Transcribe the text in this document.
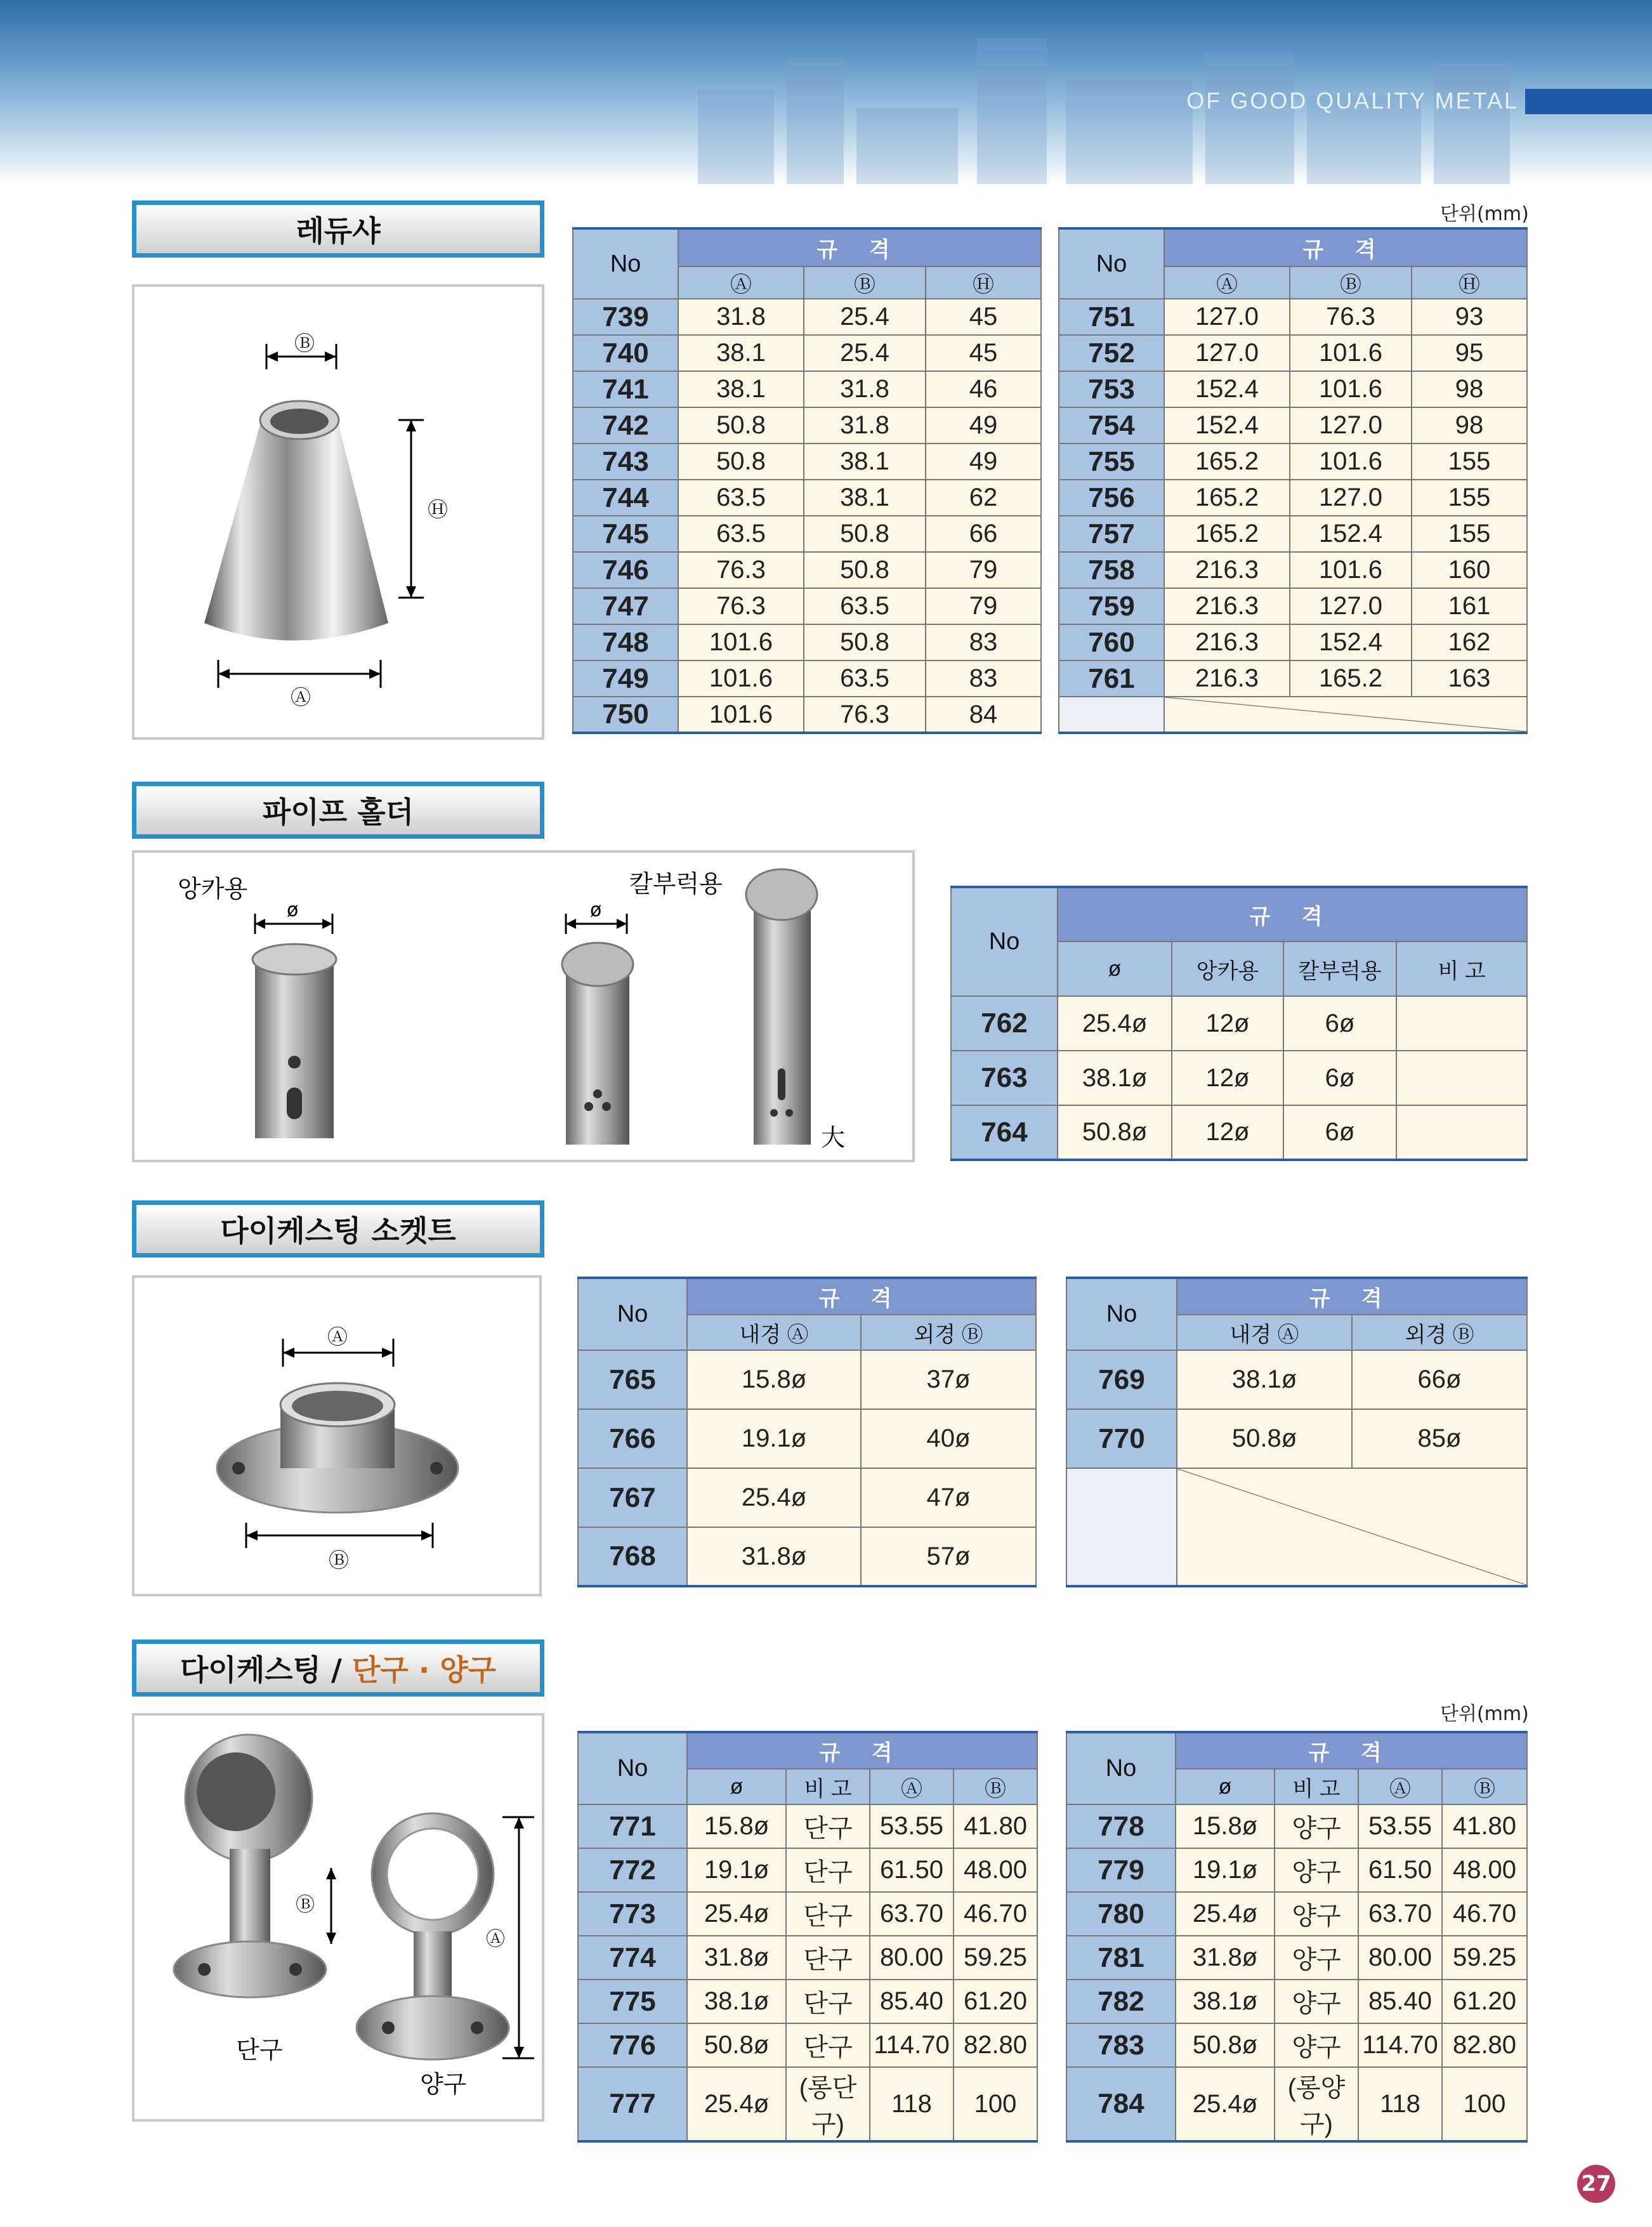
OF GOOD QUALITY METAL
레듀샤	단위(mm)
Ⓑ
Ⓗ
Ⓐ
No	규 격		
	Ⓐ	Ⓑ	Ⓗ
739	31.8	25.4	45
740	38.1	25.4	45
741	38.1	31.8	46
742	50.8	31.8	49
743	50.8	38.1	49
744	63.5	38.1	62
745	63.5	50.8	66
746	76.3	50.8	79
747	76.3	63.5	79
748	101.6	50.8	83
749	101.6	63.5	83
750	101.6	76.3	84
No	규 격		
	Ⓐ	Ⓑ	Ⓗ
751	127.0	76.3	93
752	127.0	101.6	95
753	152.4	101.6	98
754	152.4	127.0	98
755	165.2	101.6	155
756	165.2	127.0	155
757	165.2	152.4	155
758	216.3	101.6	160
759	216.3	127.0	161
760	216.3	152.4	162
761	216.3	165.2	163

파이프 홀더
ø
앙카용
ø
칼부럭용
大
No	규 격			
	ø	앙카용	칼부럭용	비 고
762	25.4ø	12ø	6ø	
763	38.1ø	12ø	6ø	
764	50.8ø	12ø	6ø	
다이케스팅 소켓트
Ⓐ
Ⓑ
No	규 격	
	내경 Ⓐ	외경 Ⓑ
765	15.8ø	37ø
766	19.1ø	40ø
767	25.4ø	47ø
768	31.8ø	57ø
No	규 격	
	내경 Ⓐ	외경 Ⓑ
769	38.1ø	66ø
770	50.8ø	85ø

다이케스팅 / 단구 · 양구
단위(mm)
Ⓑ
단구
Ⓐ
양구
No	규 격			
	ø	비 고	Ⓐ	Ⓑ
771	15.8ø	단구	53.55	41.80
772	19.1ø	단구	61.50	48.00
773	25.4ø	단구	63.70	46.70
774	31.8ø	단구	80.00	59.25
775	38.1ø	단구	85.40	61.20
776	50.8ø	단구	114.70	82.80
777	25.4ø	(롱단구)	118	100
No	규 격			
	ø	비 고	Ⓐ	Ⓑ
778	15.8ø	양구	53.55	41.80
779	19.1ø	양구	61.50	48.00
780	25.4ø	양구	63.70	46.70
781	31.8ø	양구	80.00	59.25
782	38.1ø	양구	85.40	61.20
783	50.8ø	양구	114.70	82.80
784	25.4ø	(롱양구)	118	100
27
